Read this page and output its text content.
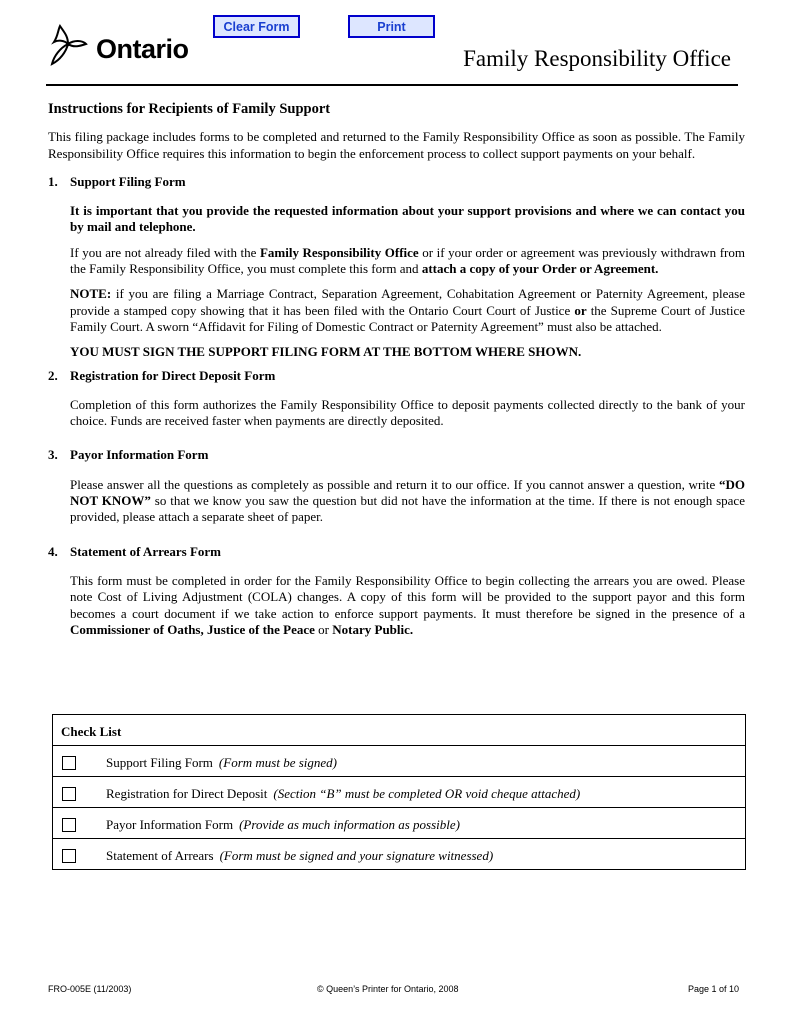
Clear Form	Print
Ontario	Family Responsibility Office
Instructions for Recipients of Family Support

This filing package includes forms to be completed and returned to the Family Responsibility Office as soon as possible. The Family Responsibility Office requires this information to begin the enforcement process to collect support payments on your behalf.

1. Support Filing Form

It is important that you provide the requested information about your support provisions and where we can contact you by mail and telephone.

If you are not already filed with the Family Responsibility Office or if your order or agreement was previously withdrawn from the Family Responsibility Office, you must complete this form and attach a copy of your Order or Agreement.

NOTE: if you are filing a Marriage Contract, Separation Agreement, Cohabitation Agreement or Paternity Agreement, please provide a stamped copy showing that it has been filed with the Ontario Court Court of Justice or the Supreme Court of Justice Family Court. A sworn “Affidavit for Filing of Domestic Contract or Paternity Agreement” must also be attached.

YOU MUST SIGN THE SUPPORT FILING FORM AT THE BOTTOM WHERE SHOWN.

2. Registration for Direct Deposit Form

Completion of this form authorizes the Family Responsibility Office to deposit payments collected directly to the bank of your choice. Funds are received faster when payments are directly deposited.

3. Payor Information Form

Please answer all the questions as completely as possible and return it to our office. If you cannot answer a question, write “DO NOT KNOW” so that we know you saw the question but did not have the information at the time. If there is not enough space provided, please attach a separate sheet of paper.

4. Statement of Arrears Form

This form must be completed in order for the Family Responsibility Office to begin collecting the arrears you are owed. Please note Cost of Living Adjustment (COLA) changes. A copy of this form will be provided to the support payor and this form becomes a court document if we take action to enforce support payments. It must therefore be signed in the presence of a Commissioner of Oaths, Justice of the Peace or Notary Public.

Check List
Support Filing Form (Form must be signed)
Registration for Direct Deposit (Section “B” must be completed OR void cheque attached)
Payor Information Form (Provide as much information as possible)
Statement of Arrears (Form must be signed and your signature witnessed)
FRO-005E (11/2003)	© Queen’s Printer for Ontario, 2008	Page 1 of 10
